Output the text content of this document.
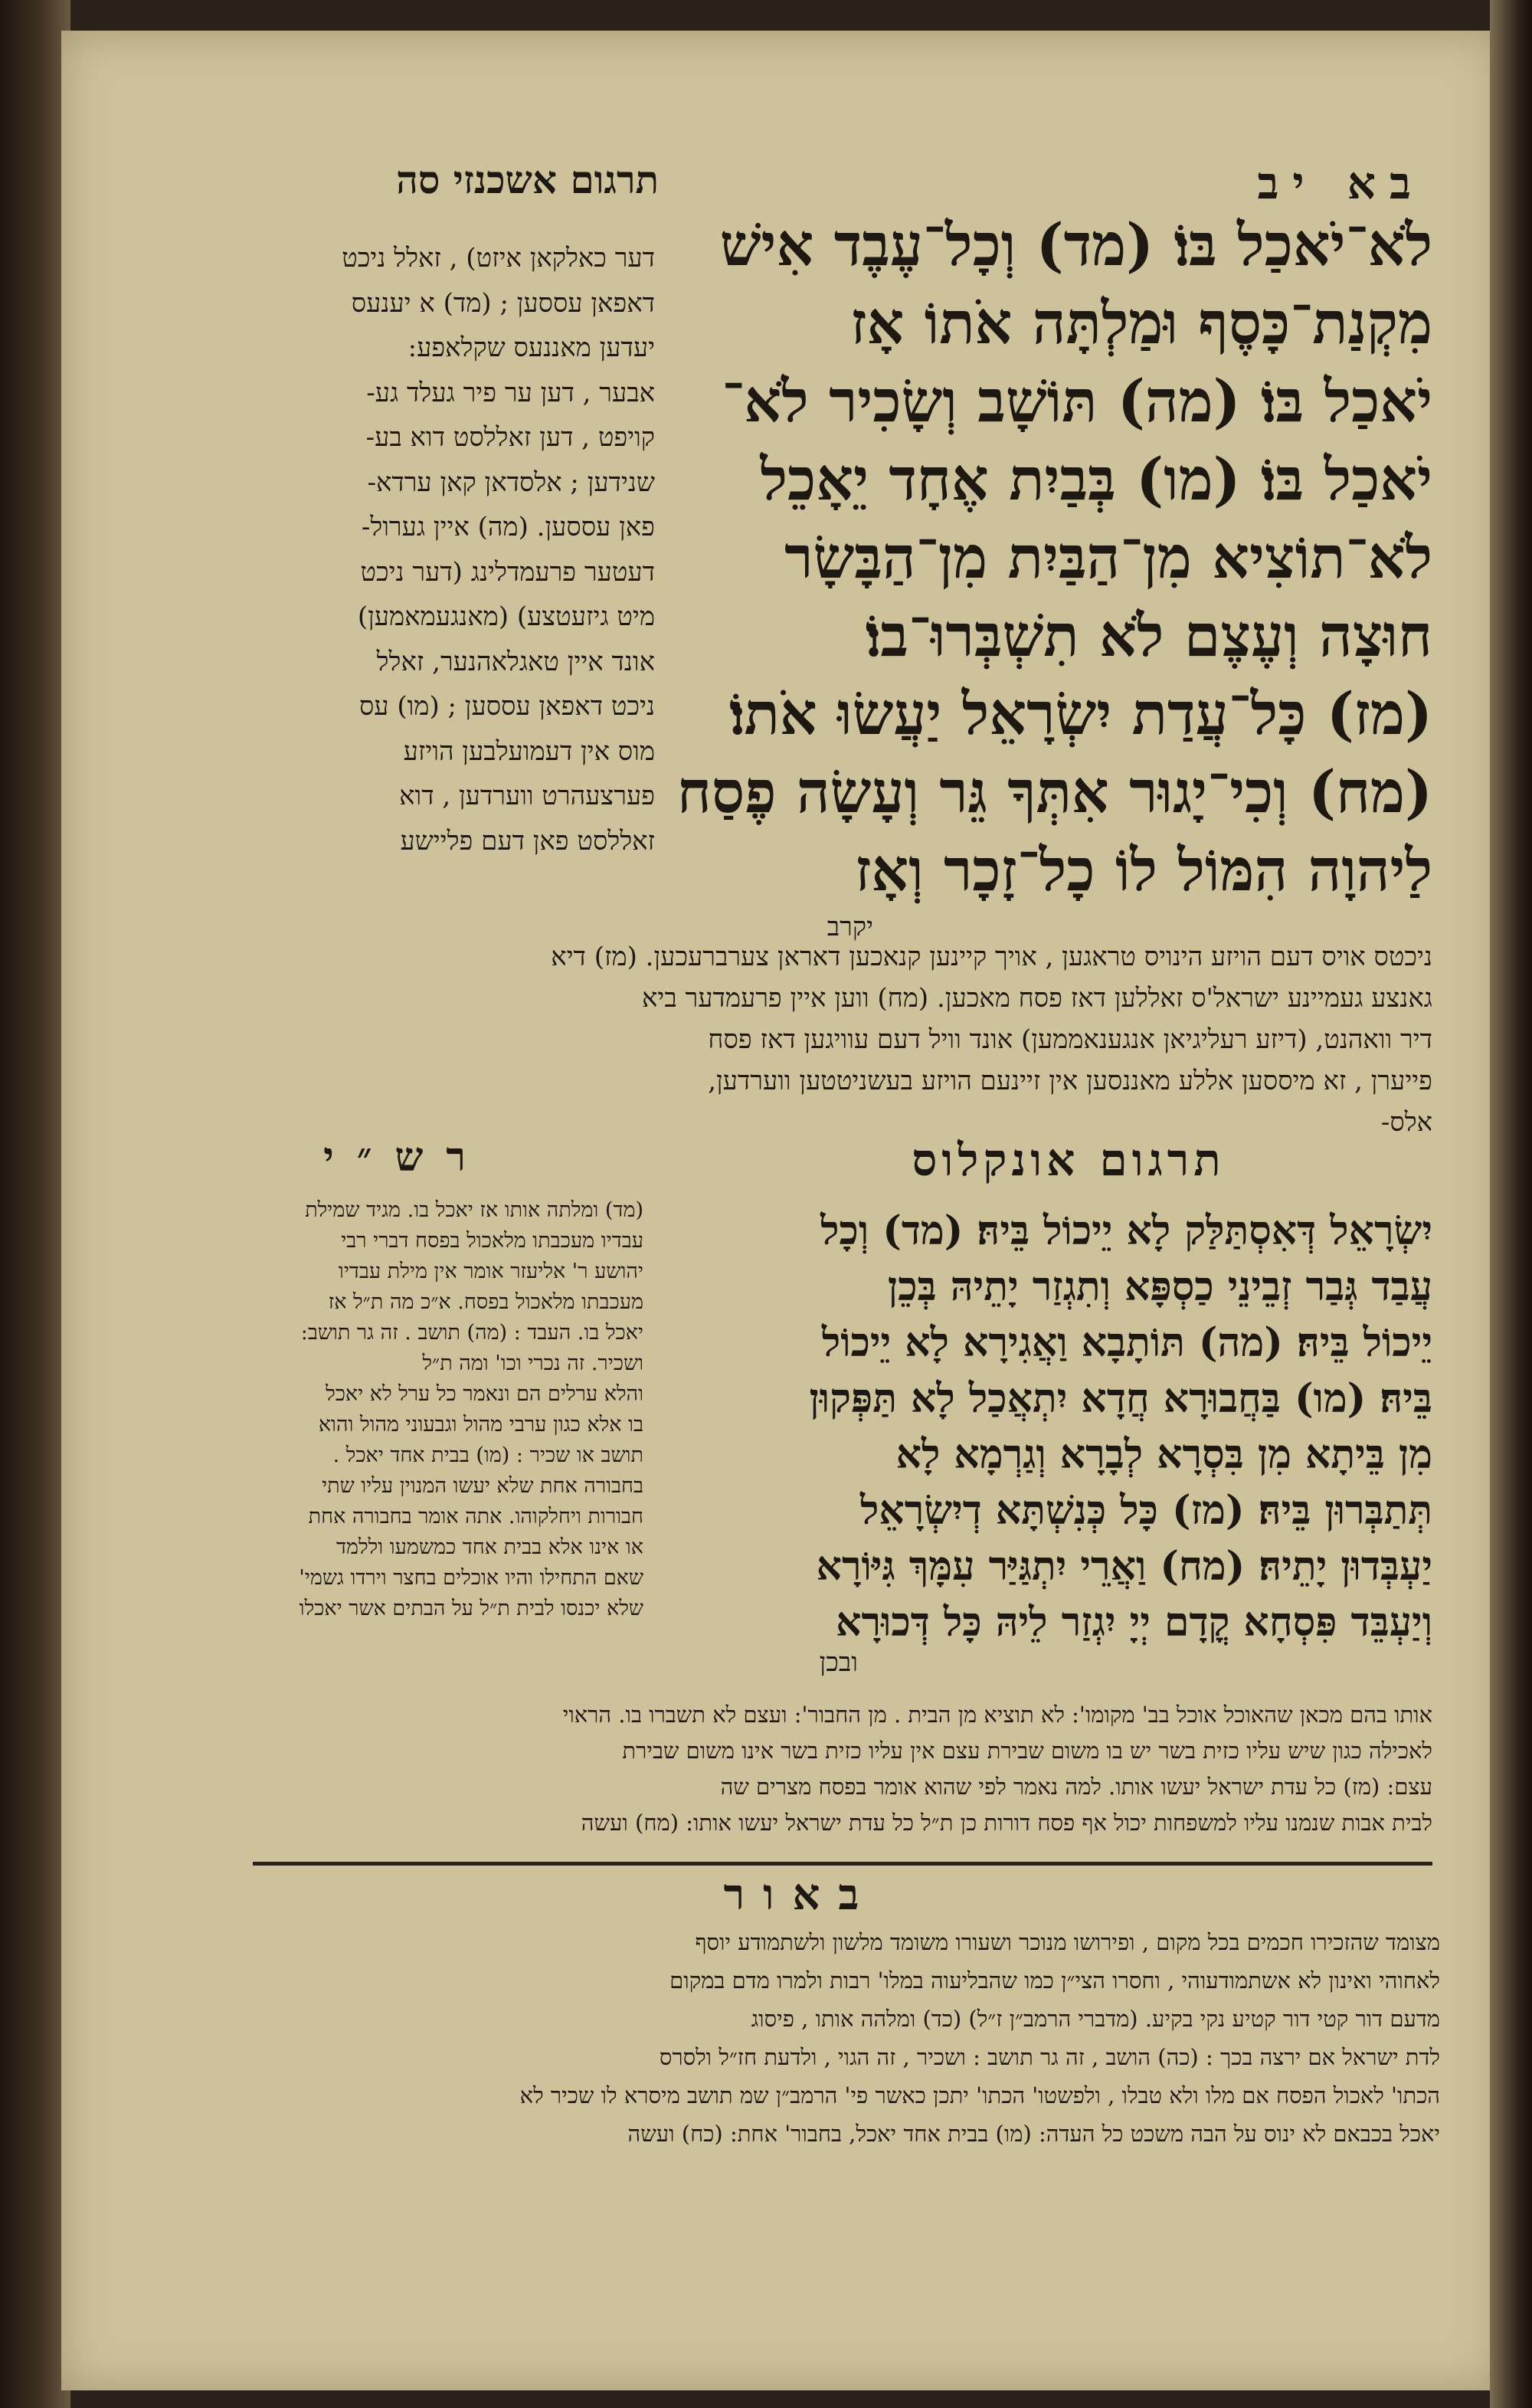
בא יב
תרגום אשכנזי סה

לֹא־יֹאכַל בּוֹ׃ (מד) וְכָל־עֶבֶד אִישׁ

מִקְנַת־כָּסֶף וּמַלְתָּה אֹתוֹ אָז

יֹאכַל בּוֹ׃ (מה) תּוֹשָׁב וְשָׂכִיר לֹא־

יֹאכַל בּוֹ׃ (מו) בְּבַיִת אֶחָד יֵאָכֵל

לֹא־תוֹצִיא מִן־הַבַּיִת מִן־הַבָּשָׂר

חוּצָה וְעֶצֶם לֹא תִשְׁבְּרוּ־בוֹ׃

(מז) כָּל־עֲדַת יִשְׂרָאֵל יַעֲשׂוּ אֹתוֹ׃

(מח) וְכִי־יָגוּר אִתְּךָ גֵּר וְעָשָׂה פֶסַח

לַיהוָה הִמּוֹל לוֹ כָל־זָכָר וְאָז

דער כאלקאן איזט) , זאלל ניכט

דאפאן עססען ; (מד) א יענעס

יעדען מאננעס שקלאפע:

אבער , דען ער פיר געלד גע-

קויפט , דען זאללסט דוא בע-

שנידען ; אלסדאן קאן ערדא-

פאן עססען. (מה) איין גערול-

דעטער פרעמדלינג (דער ניכט

מיט גיזעטצע) (מאנגעמאמען)

אונד איין טאגלאהנער, זאלל

ניכט דאפאן עססען ; (מו) עס

מוס אין דעמועלבען הויזע

פערצעהרט ווערדען , דוא

זאללסט פאן דעם פליישע

יקרב

ניכטס אויס דעם הויזע הינויס טראגען , אויך קיינען קנאכען דאראן צערברעכען. (מז) דיא

גאנצע געמיינע ישראל'ס זאללען דאז פסח מאכען. (מח) ווען איין פרעמדער ביא

דיר וואהנט, (דיזע רעליגיאן אנגענאממען) אונד וויל דעם עוויגען דאז פסח

פייערן , זא מיססען אללע מאננסען אין זיינעם הויזע בעשניטטען ווערדען,

אלס-

רש״י

(מד) ומלתה אותו אז יאכל בו. מגיד שמילת

עבדיו מעכבתו מלאכול בפסח דברי רבי

יהושע ר' אליעזר אומר אין מילת עבדיו

מעכבתו מלאכול בפסח. א״כ מה ת״ל אז

יאכל בו. העבד : (מה) תושב . זה גר תושב:

ושכיר. זה נכרי וכו' ומה ת״ל

והלא ערלים הם ונאמר כל ערל לא יאכל

בו אלא כגון ערבי מהול וגבעוני מהול והוא

תושב או שכיר : (מו) בבית אחד יאכל .

בחבורה אחת שלא יעשו המנוין עליו שתי

חבורות ויחלקוהו. אתה אומר בחבורה אחת

או אינו אלא בבית אחד כמשמעו וללמד

שאם התחילו והיו אוכלים בחצר וירדו גשמי'

שלא יכנסו לבית ת״ל על הבתים אשר יאכלו

תרגום אונקלוס

יִשְׂרָאֵל דְּאִסְתַּלַּק לָא יֵיכוֹל בֵּיהּ׃ (מד) וְכָל

עֲבַד גְּבַר זְבֵינֵי כַסְפָּא וְתִגְזַר יָתֵיהּ בְּכֵן

יֵיכוֹל בֵּיהּ׃ (מה) תּוֹתָבָא וַאֲגִירָא לָא יֵיכוֹל

בֵּיהּ׃ (מו) בַּחֲבוּרָא חֲדָא יִתְאֲכַל לָא תַּפְּקוּן

מִן בֵּיתָא מִן בִּסְרָא לְבָרָא וְגַרְמָא לָא

תְּתַבְּרוּן בֵּיהּ׃ (מז) כָּל כְּנִשְׁתָּא דְיִשְׂרָאֵל

יַעְבְּדוּן יָתֵיהּ׃ (מח) וַאֲרֵי יִתְגַּיַּר עִמָּךְ גִּיּוֹרָא

וְיַעְבֵּד פִּסְחָא קֳדָם יְיָ יִגְזַר לֵיהּ כָּל דְּכוּרָא

ובכן

אותו בהם מכאן שהאוכל אוכל בב' מקומו': לא תוציא מן הבית . מן החבור': ועצם לא תשברו בו. הראוי

לאכילה כגון שיש עליו כזית בשר יש בו משום שבירת עצם אין עליו כזית בשר אינו משום שבירת

עצם: (מז) כל עדת ישראל יעשו אותו. למה נאמר לפי שהוא אומר בפסח מצרים שה

לבית אבות שנמנו עליו למשפחות יכול אף פסח דורות כן ת״ל כל עדת ישראל יעשו אותו: (מח) ועשה

באור

מצומד שהזכירו חכמים בכל מקום , ופירושו מנוכר ושעורו משומד מלשון ולשתמודע יוסף

לאחוהי ואינון לא אשתמודעוהי , וחסרו הצי״ן כמו שהבליעוה במלו' רבות ולמרו מדם במקום

מדעם דור קטי דור קטיע נקי בקיע. (מדברי הרמב״ן ז״ל) (כד) ומלהה אותו , פיסוג

לדת ישראל אם ירצה בכך : (כה) הושב , זה גר תושב : ושכיר , זה הגוי , ולדעת חז״ל ולסרס

הכתו' לאכול הפסח אם מלו ולא טבלו , ולפשטו' הכתו' יתכן כאשר פי' הרמב״ן שמ תושב מיסרא לו שכיר לא

יאכל בכבאם לא ינוס על הבה משכט כל העדה: (מו) בבית אחד יאכל, בחבור' אחת: (כח) ועשה
